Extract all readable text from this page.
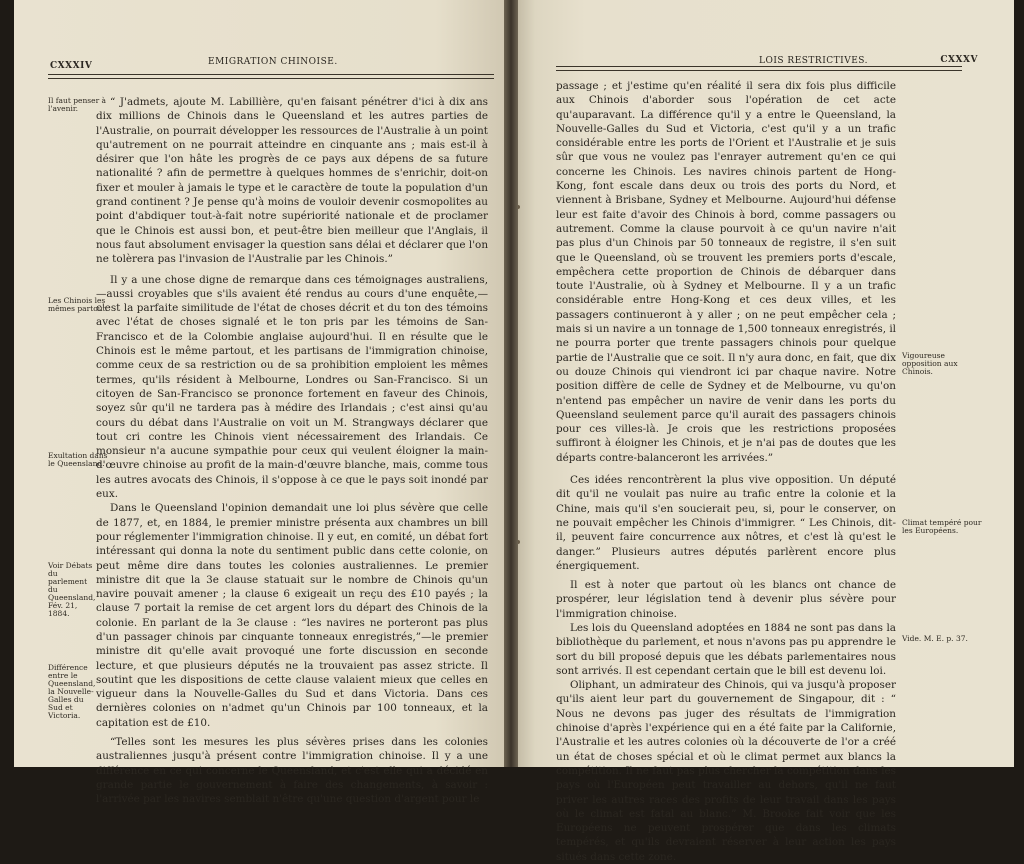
CXXXIV	EMIGRATION CHINOISE.
Il faut penser à l'avenir.
Les Chinois les mêmes partout.
Exultation dans le Queensland.
Voir Débats du parlement du Queensland, Fév. 21, 1884.
Différence entre le Queensland, la Nouvelle-Galles du Sud et Victoria.

“ J'admets, ajoute M. Labillière, qu'en faisant pénétrer d'ici à dix ans dix millions de Chinois dans le Queensland et les autres parties de l'Australie, on pourrait développer les ressources de l'Australie à un point qu'autrement on ne pourrait atteindre en cinquante ans ; mais est-il à désirer que l'on hâte les progrès de ce pays aux dépens de sa future nationalité ? afin de permettre à quelques hommes de s'enrichir, doit-on fixer et mouler à jamais le type et le caractère de toute la population d'un grand continent ? Je pense qu'à moins de vouloir devenir cosmopolites au point d'abdiquer tout-à-fait notre supériorité nationale et de proclamer que le Chinois est aussi bon, et peut-être bien meilleur que l'Anglais, il nous faut absolument envisager la question sans délai et déclarer que l'on ne tolèrera pas l'invasion de l'Australie par les Chinois.”

Il y a une chose digne de remarque dans ces témoignages australiens,—aussi croyables que s'ils avaient été rendus au cours d'une enquête,—c'est la parfaite similitude de l'état de choses décrit et du ton des témoins avec l'état de choses signalé et le ton pris par les témoins de San-Francisco et de la Colombie anglaise aujourd'hui. Il en résulte que le Chinois est le même partout, et les partisans de l'immigration chinoise, comme ceux de sa restriction ou de sa prohibition emploient les mêmes termes, qu'ils résident à Melbourne, Londres ou San-Francisco. Si un citoyen de San-Francisco se prononce fortement en faveur des Chinois, soyez sûr qu'il ne tardera pas à médire des Irlandais ; c'est ainsi qu'au cours du débat dans l'Australie on voit un M. Strangways déclarer que tout cri contre les Chinois vient nécessairement des Irlandais. Ce monsieur n'a aucune sympathie pour ceux qui veulent éloigner la main-d'œuvre chinoise au profit de la main-d'œuvre blanche, mais, comme tous les autres avocats des Chinois, il s'oppose à ce que le pays soit inondé par eux.

Dans le Queensland l'opinion demandait une loi plus sévère que celle de 1877, et, en 1884, le premier ministre présenta aux chambres un bill pour réglementer l'immigration chinoise. Il y eut, en comité, un débat fort intéressant qui donna la note du sentiment public dans cette colonie, on peut même dire dans toutes les colonies australiennes. Le premier ministre dit que la 3e clause statuait sur le nombre de Chinois qu'un navire pouvait amener ; la clause 6 exigeait un reçu des £10 payés ; la clause 7 portait la remise de cet argent lors du départ des Chinois de la colonie. En parlant de la 3e clause : “les navires ne porteront pas plus d'un passager chinois par cinquante tonneaux enregistrés,”—le premier ministre dit qu'elle avait provoqué une forte discussion en seconde lecture, et que plusieurs députés ne la trouvaient pas assez stricte. Il soutint que les dispositions de cette clause valaient mieux que celles en vigueur dans la Nouvelle-Galles du Sud et dans Victoria. Dans ces dernières colonies on n'admet qu'un Chinois par 100 tonneaux, et la capitation est de £10.

“Telles sont les mesures les plus sévères prises dans les colonies australiennes jusqu'à présent contre l'immigration chinoise. Il y a une différence en ce qui concerne le Queensland, et c'est elle qui a décidé en grande partie le gouvernement à faire des changements, à savoir : l'arrivée par les navires semblait n'être qu'une question d'argent pour le

LOIS RESTRICTIVES.	CXXXV
Vigoureuse opposition aux Chinois.
Climat tempéré pour les Européens.
Vide. M. E. p. 37.

passage ; et j'estime qu'en réalité il sera dix fois plus difficile aux Chinois d'aborder sous l'opération de cet acte qu'auparavant. La différence qu'il y a entre le Queensland, la Nouvelle-Galles du Sud et Victoria, c'est qu'il y a un trafic considérable entre les ports de l'Orient et l'Australie et je suis sûr que vous ne voulez pas l'enrayer autrement qu'en ce qui concerne les Chinois. Les navires chinois partent de Hong-Kong, font escale dans deux ou trois des ports du Nord, et viennent à Brisbane, Sydney et Melbourne. Aujourd'hui défense leur est faite d'avoir des Chinois à bord, comme passagers ou autrement. Comme la clause pourvoit à ce qu'un navire n'ait pas plus d'un Chinois par 50 tonneaux de registre, il s'en suit que le Queensland, où se trouvent les premiers ports d'escale, empêchera cette proportion de Chinois de débarquer dans toute l'Australie, où à Sydney et Melbourne. Il y a un trafic considérable entre Hong-Kong et ces deux villes, et les passagers continueront à y aller ; on ne peut empêcher cela ; mais si un navire a un tonnage de 1,500 tonneaux enregistrés, il ne pourra porter que trente passagers chinois pour quelque partie de l'Australie que ce soit. Il n'y aura donc, en fait, que dix ou douze Chinois qui viendront ici par chaque navire. Notre position diffère de celle de Sydney et de Melbourne, vu qu'on n'entend pas empêcher un navire de venir dans les ports du Queensland seulement parce qu'il aurait des passagers chinois pour ces villes-là. Je crois que les restrictions proposées suffiront à éloigner les Chinois, et je n'ai pas de doutes que les départs contre-balanceront les arrivées.”

Ces idées rencontrèrent la plus vive opposition. Un député dit qu'il ne voulait pas nuire au trafic entre la colonie et la Chine, mais qu'il s'en soucierait peu, si, pour le conserver, on ne pouvait empêcher les Chinois d'immigrer. “ Les Chinois, dit-il, peuvent faire concurrence aux nôtres, et c'est là qu'est le danger.” Plusieurs autres députés parlèrent encore plus énergiquement.

Il est à noter que partout où les blancs ont chance de prospérer, leur législation tend à devenir plus sévère pour l'immigration chinoise.

Les lois du Queensland adoptées en 1884 ne sont pas dans la bibliothèque du parlement, et nous n'avons pas pu apprendre le sort du bill proposé depuis que les débats parlementaires nous sont arrivés. Il est cependant certain que le bill est devenu loi.

Oliphant, un admirateur des Chinois, qui va jusqu'à proposer qu'ils aient leur part du gouvernement de Singapour, dit : “ Nous ne devons pas juger des résultats de l'immigration chinoise d'après l'expérience qui en a été faite par la Californie, l'Australie et les autres colonies où la découverte de l'or a créé un état de choses spécial et où le climat permet aux blancs la compétition. Il ne faut pas plus chercher la compétition dans les pays où l'Européen peut travailler au dehors, qu'il ne faut priver les autres races des profits de leur travail dans les pays où le climat est fatal au blanc.” M. Brooke fait voir que les Européens ne peuvent prospérer que dans les climats tempérés, et qu'ils devraient réserver à leur action les pays situés dans cette zone.
